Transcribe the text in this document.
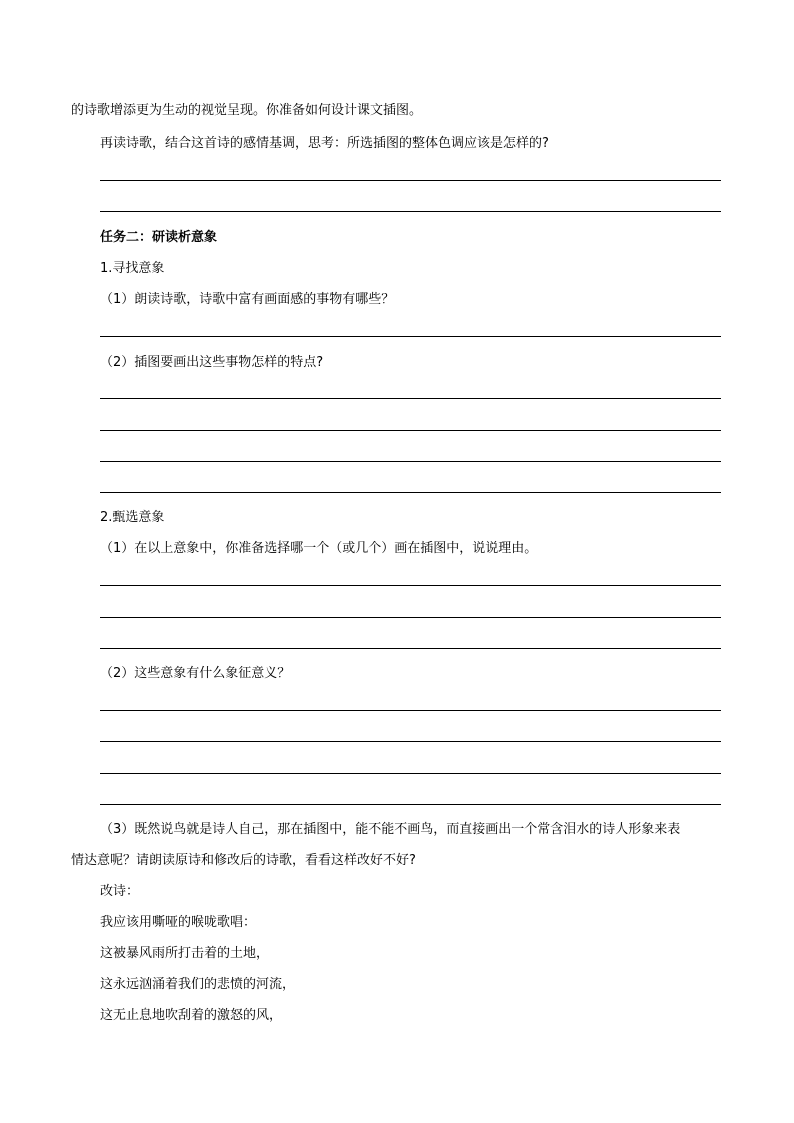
的诗歌增添更为生动的视觉呈现。你准备如何设计课文插图。
再读诗歌，结合这首诗的感情基调，思考：所选插图的整体色调应该是怎样的?
任务二：研读析意象
1.寻找意象
（1）朗读诗歌，诗歌中富有画面感的事物有哪些？
（2）插图要画出这些事物怎样的特点?
2.甄选意象
（1）在以上意象中，你准备选择哪一个（或几个）画在插图中，说说理由。
（2）这些意象有什么象征意义？
（3）既然说鸟就是诗人自己，那在插图中，能不能不画鸟，而直接画出一个常含泪水的诗人形象来表
情达意呢？请朗读原诗和修改后的诗歌，看看这样改好不好?
改诗：
我应该用嘶哑的喉咙歌唱：
这被暴风雨所打击着的土地，
这永远汹涌着我们的悲愤的河流，
这无止息地吹刮着的激怒的风，
